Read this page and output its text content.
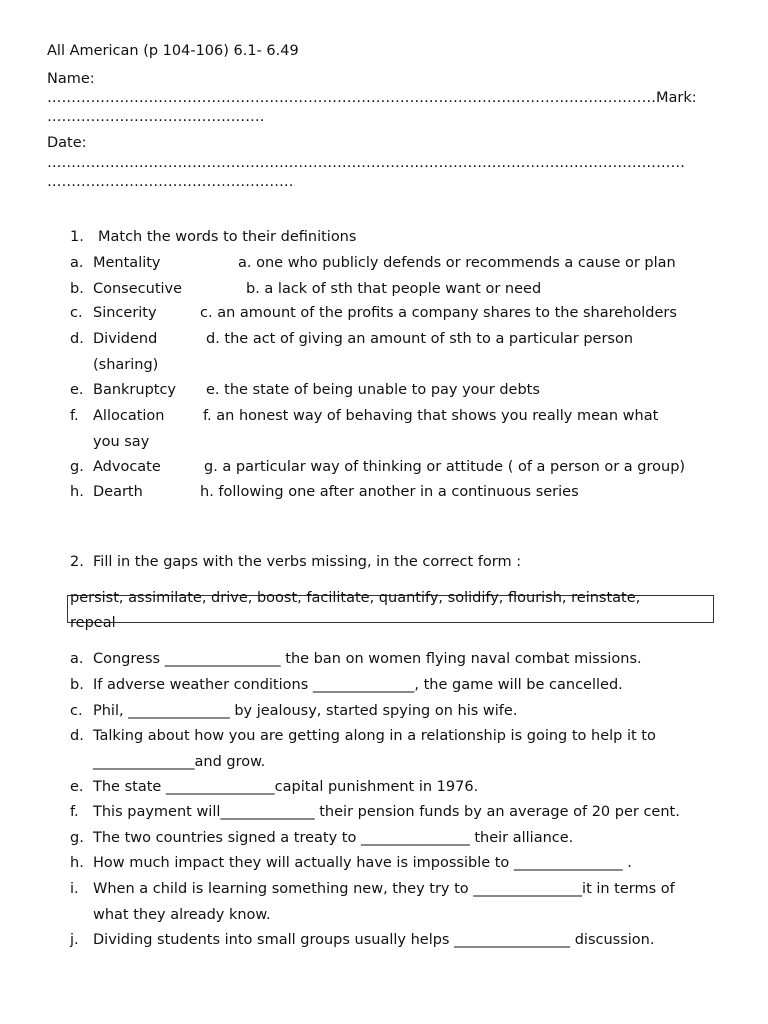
All American (p 104-106) 6.1- 6.49
Name:
………………………………………………………………………………………………………………Mark:
………………………………………
Date:
……………………………………………………………………………………………………………………
……………………………………………
1. Match the words to their definitions
a. Mentality	a. one who publicly defends or recommends a cause or plan
b. Consecutive	b. a lack of sth that people want or need
c. Sincerity	c. an amount of the profits a company shares to the shareholders
d. Dividend	d. the act of giving an amount of sth to a particular person
(sharing)
e. Bankruptcy e. the state of being unable to pay your debts
f. Allocation	f. an honest way of behaving that shows you really mean what
you say
g. Advocate	g. a particular way of thinking or attitude ( of a person or a group)
h. Dearth	h. following one after another in a continuous series
2. Fill in the gaps with the verbs missing, in the correct form :
persist, assimilate, drive, boost, facilitate, quantify, solidify, flourish, reinstate,
repeal
a. Congress ________________ the ban on women flying naval combat missions.
b. If adverse weather conditions ______________, the game will be cancelled.
c. Phil, ______________ by jealousy, started spying on his wife.
d. Talking about how you are getting along in a relationship is going to help it to
______________and grow.
e. The state _______________capital punishment in 1976.
f. This payment will_____________ their pension funds by an average of 20 per cent.
g. The two countries signed a treaty to _______________ their alliance.
h. How much impact they will actually have is impossible to _______________ .
i. When a child is learning something new, they try to _______________it in terms of
what they already know.
j. Dividing students into small groups usually helps ________________ discussion.
